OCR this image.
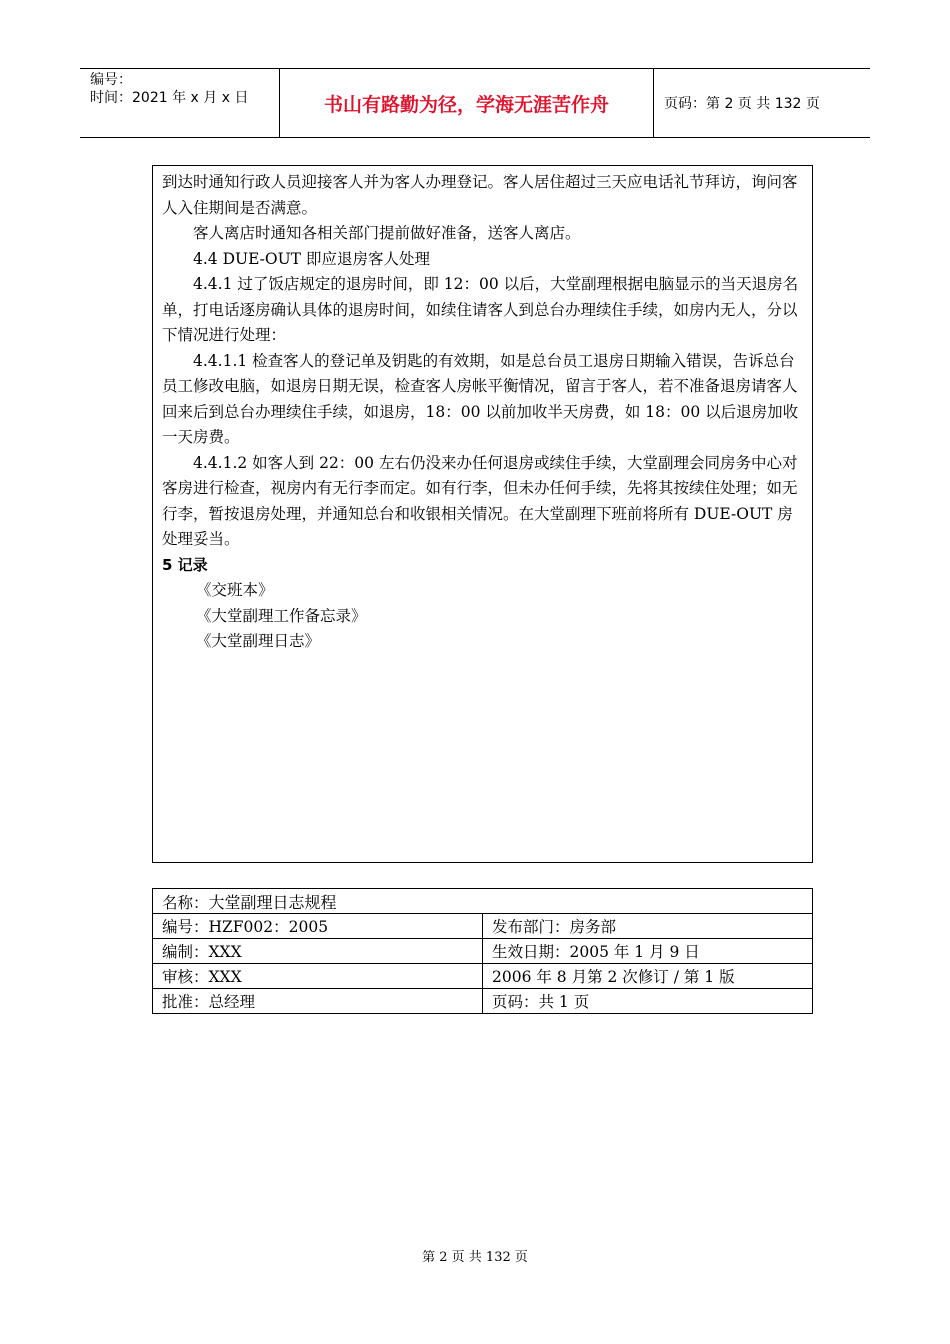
编号：
时间：2021 年 x 月 x 日	书山有路勤为径，学海无涯苦作舟	页码：第 2 页 共 132 页

到达时通知行政人员迎接客人并为客人办理登记。客人居住超过三天应电话礼节拜访，询问客人入住期间是否满意。

客人离店时通知各相关部门提前做好准备，送客人离店。

4.4 DUE-OUT 即应退房客人处理

4.4.1 过了饭店规定的退房时间，即 12：00 以后，大堂副理根据电脑显示的当天退房名单，打电话逐房确认具体的退房时间，如续住请客人到总台办理续住手续，如房内无人，分以下情况进行处理：

4.4.1.1 检查客人的登记单及钥匙的有效期，如是总台员工退房日期输入错误，告诉总台员工修改电脑，如退房日期无误，检查客人房帐平衡情况，留言于客人，若不准备退房请客人回来后到总台办理续住手续，如退房，18：00 以前加收半天房费，如 18：00 以后退房加收一天房费。

4.4.1.2 如客人到 22：00 左右仍没来办任何退房或续住手续，大堂副理会同房务中心对客房进行检查，视房内有无行李而定。如有行李，但未办任何手续，先将其按续住处理；如无行李，暂按退房处理，并通知总台和收银相关情况。在大堂副理下班前将所有 DUE-OUT 房处理妥当。

5 记录

《交班本》

《大堂副理工作备忘录》

《大堂副理日志》

名称：大堂副理日志规程	
编号：HZF002：2005	发布部门：房务部
编制：XXX	生效日期：2005 年 1 月 9 日
审核：XXX	2006 年 8 月第 2 次修订 / 第 1 版
批准：总经理	页码：共 1 页
第 2 页 共 132 页
